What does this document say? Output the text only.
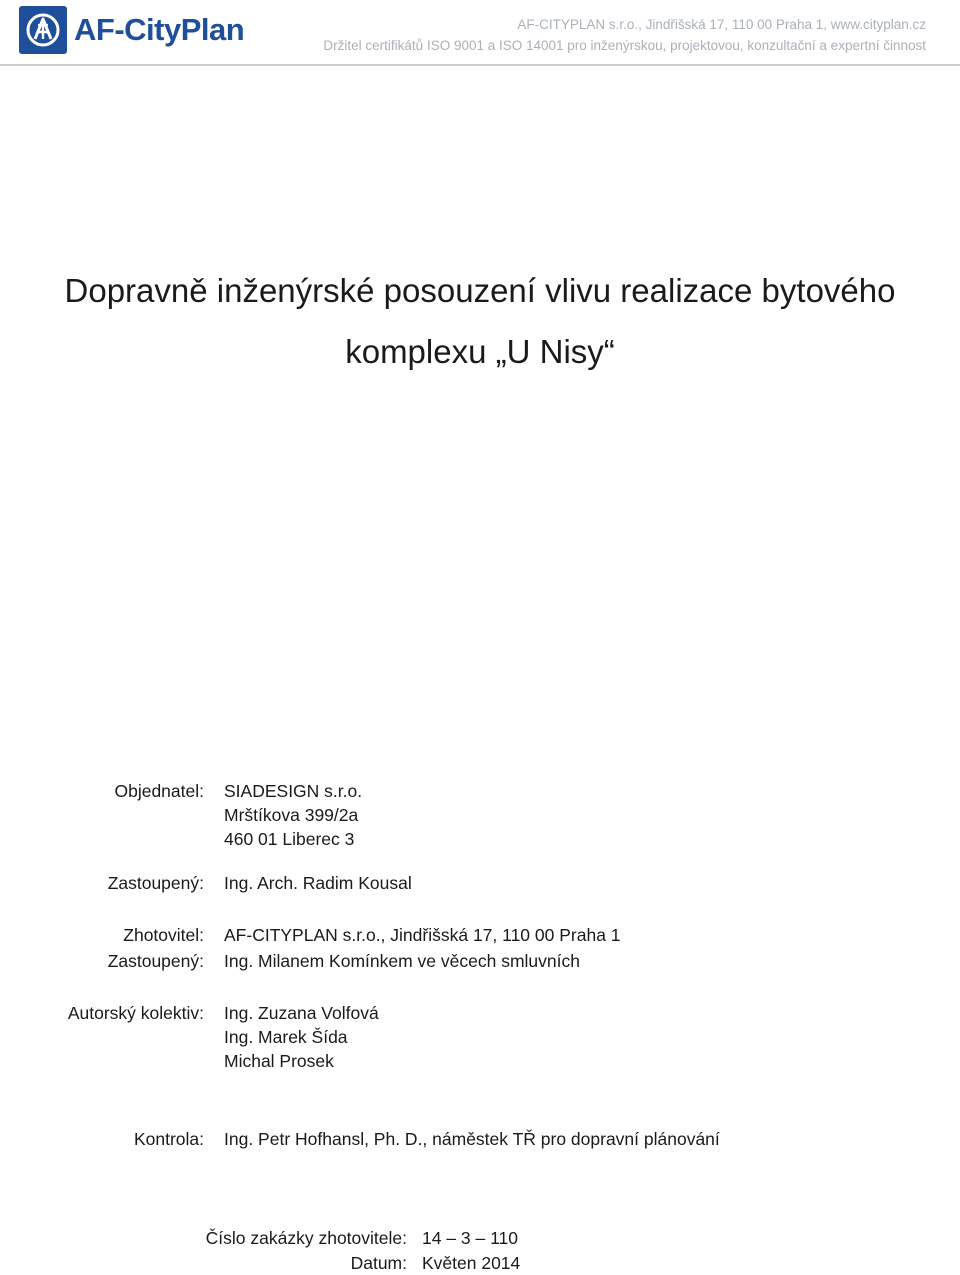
AF-CityPlan	AF-CITYPLAN s.r.o., Jindřišská 17, 110 00 Praha 1, www.cityplan.cz
Držitel certifikátů ISO 9001 a ISO 14001 pro inženýrskou, projektovou, konzultační a expertní činnost
Dopravně inženýrské posouzení vlivu realizace bytového
komplexu „U Nisy“
Objednatel: SIADESIGN s.r.o.
Mrštíkova 399/2a
460 01 Liberec 3
Zastoupený: Ing. Arch. Radim Kousal
Zhotovitel: AF-CITYPLAN s.r.o., Jindřišská 17, 110 00 Praha 1
Zastoupený: Ing. Milanem Komínkem ve věcech smluvních
Autorský kolektiv: Ing. Zuzana Volfová
Ing. Marek Šída
Michal Prosek
Kontrola: Ing. Petr Hofhansl, Ph. D., náměstek TŘ pro dopravní plánování
Číslo zakázky zhotovitele: 14 – 3 – 110
Datum: Květen 2014
